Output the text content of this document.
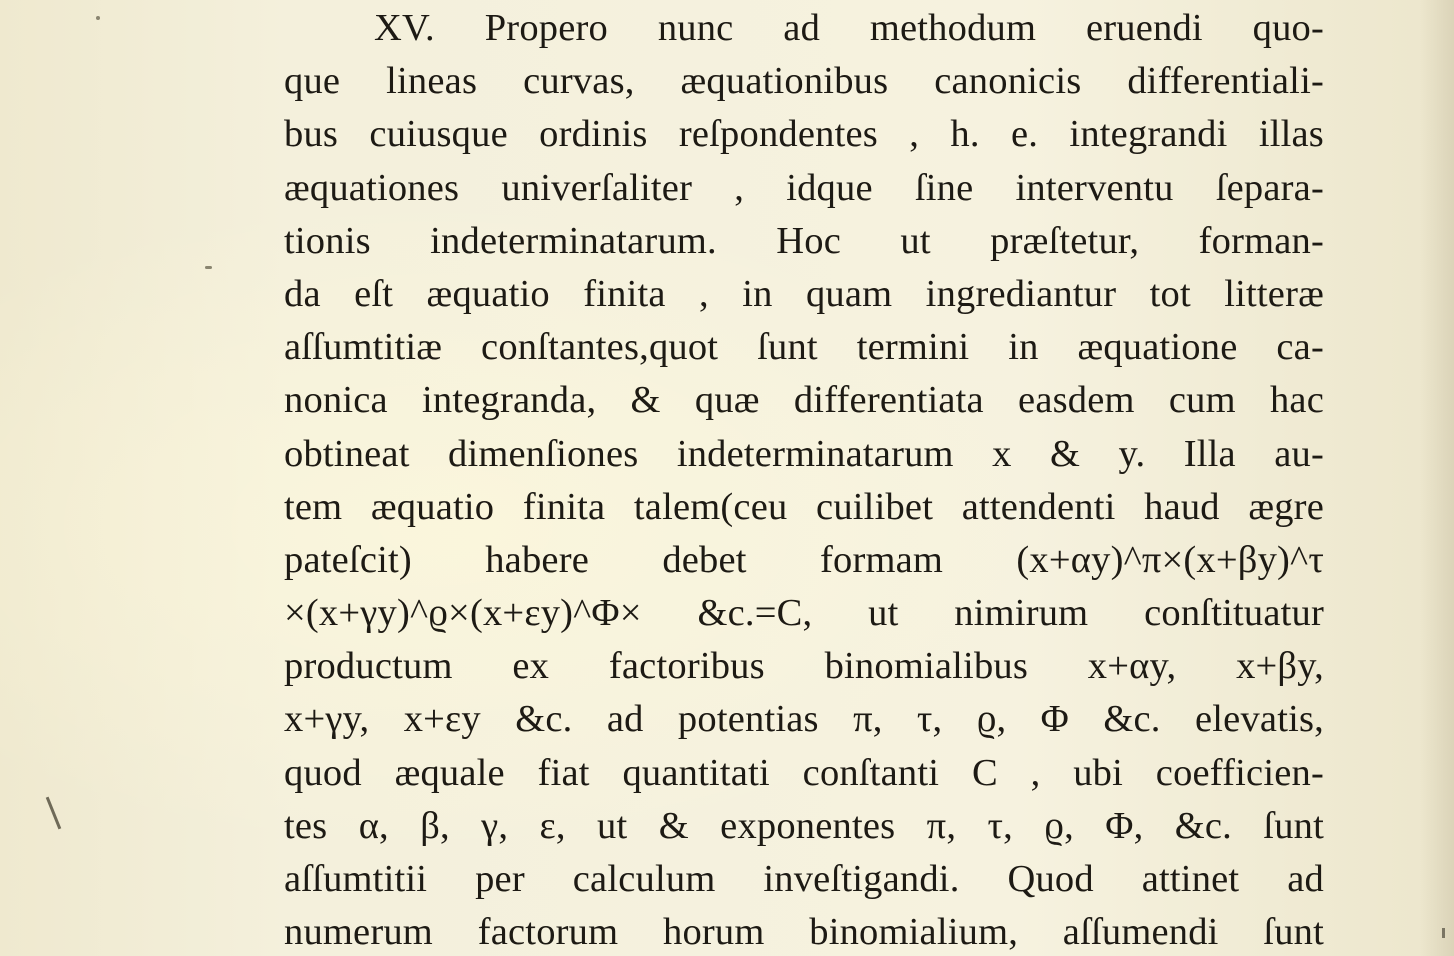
XV. Propero nunc ad methodum eruendi quo-
que lineas curvas, æquationibus canonicis differentiali-
bus cuiusque ordinis reſpondentes , h. e. integrandi illas
æquationes univerſaliter , idque ſine interventu ſepara-
tionis indeterminatarum. Hoc ut præſtetur, forman-
da eſt æquatio finita , in quam ingrediantur tot litteræ
aſſumtitiæ conſtantes,quot ſunt termini in æquatione ca-
nonica integranda, & quæ differentiata easdem cum hac
obtineat dimenſiones indeterminatarum x & y. Illa au-
tem æquatio finita talem(ceu cuilibet attendenti haud ægre
pateſcit) habere debet formam (x+αy)^π×(x+βy)^τ
×(x+γy)^ϱ×(x+εy)^Φ× &c.=C, ut nimirum conſtituatur
productum ex factoribus binomialibus x+αy, x+βy,
x+γy, x+εy &c. ad potentias π, τ, ϱ, Φ &c. elevatis,
quod æquale fiat quantitati conſtanti C , ubi coefficien-
tes α, β, γ, ε, ut & exponentes π, τ, ϱ, Φ, &c. ſunt
aſſumtitii per calculum inveſtigandi. Quod attinet ad
numerum factorum horum binomialium, aſſumendi ſunt
